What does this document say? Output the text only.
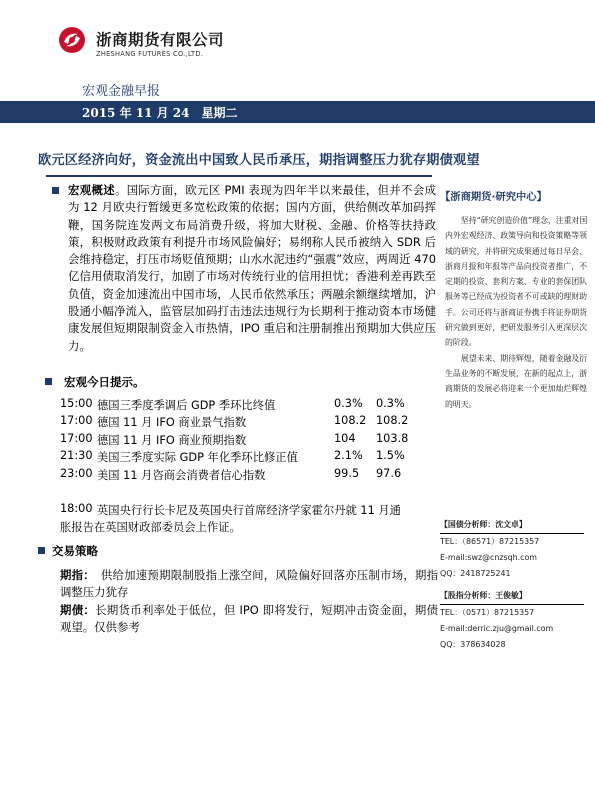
浙商期货有限公司
ZHESHANG FUTURES CO.,LTD.
宏观金融早报
2015 年 11 月 24　星期二
欧元区经济向好，资金流出中国致人民币承压，期指调整压力犹存期债观望
宏观概述。国际方面，欧元区 PMI 表现为四年半以来最佳，但并不会成为 12 月欧央行暂缓更多宽松政策的依据；国内方面，供给侧改革加码挥鞭，国务院连发两文布局消费升级，将加大财税、金融、价格等扶持政策，积极财政政策有利提升市场风险偏好；易纲称人民币被纳入 SDR 后会维持稳定，打压市场贬值预期；山水水泥违约“强震”效应，两周近 470 亿信用债取消发行，加剧了市场对传统行业的信用担忧；香港利差再跌至负值，资金加速流出中国市场，人民币依然承压；两融余额继续增加，沪股通小幅净流入，监管层加码打击违法违规行为长期利于推动资本市场健康发展但短期限制资金入市热情，IPO 重启和注册制推出预期加大供应压力。
宏观今日提示。
15:00 德国三季度季调后 GDP 季环比终值	0.3% 0.3%
17:00 德国 11 月 IFO 商业景气指数	108.2 108.2
17:00 德国 11 月 IFO 商业预期指数	104 103.8
21:30 美国三季度实际 GDP 年化季环比修正值	2.1% 1.5%
23:00 美国 11 月咨商会消费者信心指数	99.5 97.6
18:00 英国央行行长卡尼及英国央行首席经济学家霍尔丹就 11 月通
胀报告在英国财政部委员会上作证。
交易策略
期指： 供给加速预期限制股指上涨空间，风险偏好回落亦压制市场，期指调整压力犹存
期债：长期货币利率处于低位，但 IPO 即将发行，短期冲击资金面，期债观望。仅供参考
【浙商期货·研究中心】

坚持“研究创造价值”理念，注重对国内外宏观经济、政策导向和投资策略等领域的研究，并将研究成果通过每日早会、浙商月报和年报等产品向投资者推广，不定期的投资、套利方案、专业的套保团队服务等已经成为投资者不可或缺的理财助手。公司还将与浙商证券携手将证券期货研究做到更好，把研发服务引入更深层次的阶段。

展望未来、期待辉煌，随着金融及衍生品业务的不断发展，在新的起点上，浙商期货的发展必将迎来一个更加灿烂辉煌的明天。

【国债分析师：沈文卓】
TEL：（86571）87215357
E-mail:swz@cnzsqh.com
QQ：2418725241
【股指分析师：王俊敏】
TEL：（0571）87215357
E-mail:derric.zju@gmail.com
QQ：378634028
